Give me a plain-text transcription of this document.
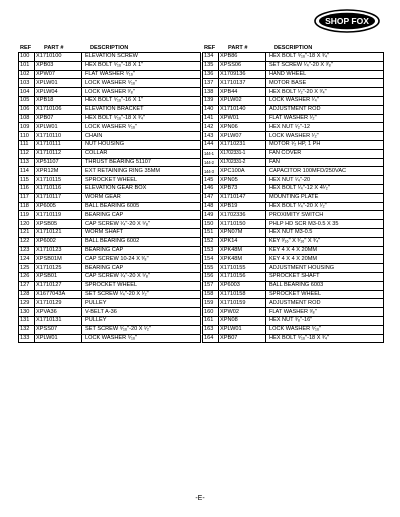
SHOP FOX
REF	PART #	DESCRIPTION
100	X1710100	ELEVATION SCREW
101	XPB03	HEX BOLT ⁵⁄₁₆"-18 X 1"
102	XPW07	FLAT WASHER ⁵⁄₁₆"
103	XPLW01	LOCK WASHER ⁵⁄₁₆"
104	XPLW04	LOCK WASHER ³⁄₈"
105	XPB18	HEX BOLT ⁵⁄₁₆"-16 X 1"
106	X1710106	ELEVATION BRACKET
108	XPB07	HEX BOLT ⁵⁄₁₆"-18 X ³⁄₄"
109	XPLW01	LOCK WASHER ⁵⁄₁₆"
110	X1710110	CHAIN
111	X1710111	NUT HOUSING
112	X1710112	COLLAR
113	XP51107	THRUST BEARING 51107
114	XPR12M	EXT RETAINING RING 35MM
115	X1710115	SPROCKET WHEEL
116	X1710116	ELEVATION GEAR BOX
117	X1710117	WORM GEAR
118	XP6005	BALL BEARING 6005
119	X1710119	BEARING CAP
120	XPSB05	CAP SCREW ¹⁄₄"-20 X ⁵⁄₈"
121	X1710121	WORM SHAFT
122	XP6002	BALL BEARING 6002
123	X1710123	BEARING CAP
124	XPSB01M	CAP SCREW 10-24 X ³⁄₈"
125	X1710125	BEARING CAP
126	XPSB01	CAP SCREW ¹⁄₄"-20 X ⁵⁄₈"
127	X1710127	SPROCKET WHEEL
128	X1677043A	SET SCREW ¹⁄₄"-20 X ¹⁄₂"
129	X1710129	PULLEY
130	XPVA36	V-BELT A-36
131	X1710131	PULLEY
132	XPSS07	SET SCREW ⁵⁄₁₆"-20 X ¹⁄₂"
133	XPLW01	LOCK WASHER ⁵⁄₁₆"
REF	PART #	DESCRIPTION
134	XPB86	HEX BOLT ⁵⁄₁₆"-18 X ³⁄₄"
135	XPSS06	SET SCREW ¹⁄₄"-20 X ³⁄₈"
136	X1709136	HAND WHEEL
137	X1710137	MOTOR BASE
138	XPB44	HEX BOLT ¹⁄₂"-20 X ³⁄₄"
139	XPLW02	LOCK WASHER ¹⁄₄"
140	X1710140	ADJUSTMENT ROD
141	XPW01	FLAT WASHER ¹⁄₂"
142	XPN06	HEX NUT ¹⁄₂"-12
143	XPLW07	LOCK WASHER ¹⁄₂"
144	X1710231	MOTOR ¹⁄₂ HP, 1 PH
144-1	X1702331-1	FAN COVER
144-2	X1702331-2	FAN
144-3	XPC100A	CAPACITOR 100MFD/250VAC
145	XPN05	HEX NUT ¹⁄₄"-20
146	XPB73	HEX BOLT ¹⁄₄"-12 X 4¹⁄₂"
147	X1710147	MOUNTING PLATE
148	XPB19	HEX BOLT ¹⁄₄"-20 X ¹⁄₂"
149	X1702336	PROXIMITY SWITCH
150	X1710150	PHLP HD SCR M3-0.5 X 35
151	XPN07M	HEX NUT M3-0.5
152	XPK14	KEY ³⁄₁₆" X ³⁄₁₆" X ³⁄₄"
153	XPK48M	KEY 4 X 4 X 20MM
154	XPK48M	KEY 4 X 4 X 20MM
155	X1710155	ADJUSTMENT HOUSING
156	X1710156	SPROCKET SHAFT
157	XP6003	BALL BEARING 6003
158	X1710158	SPROCKET WHEEL
159	X1710159	ADJUSTMENT ROD
160	XPW02	FLAT WASHER ³⁄₈"
161	XPN08	HEX NUT ³⁄₈"-16"
163	XPLW01	LOCK WASHER ⁵⁄₁₆"
164	XPB07	HEX BOLT ⁵⁄₁₆"-18 X ³⁄₄"
-E-
